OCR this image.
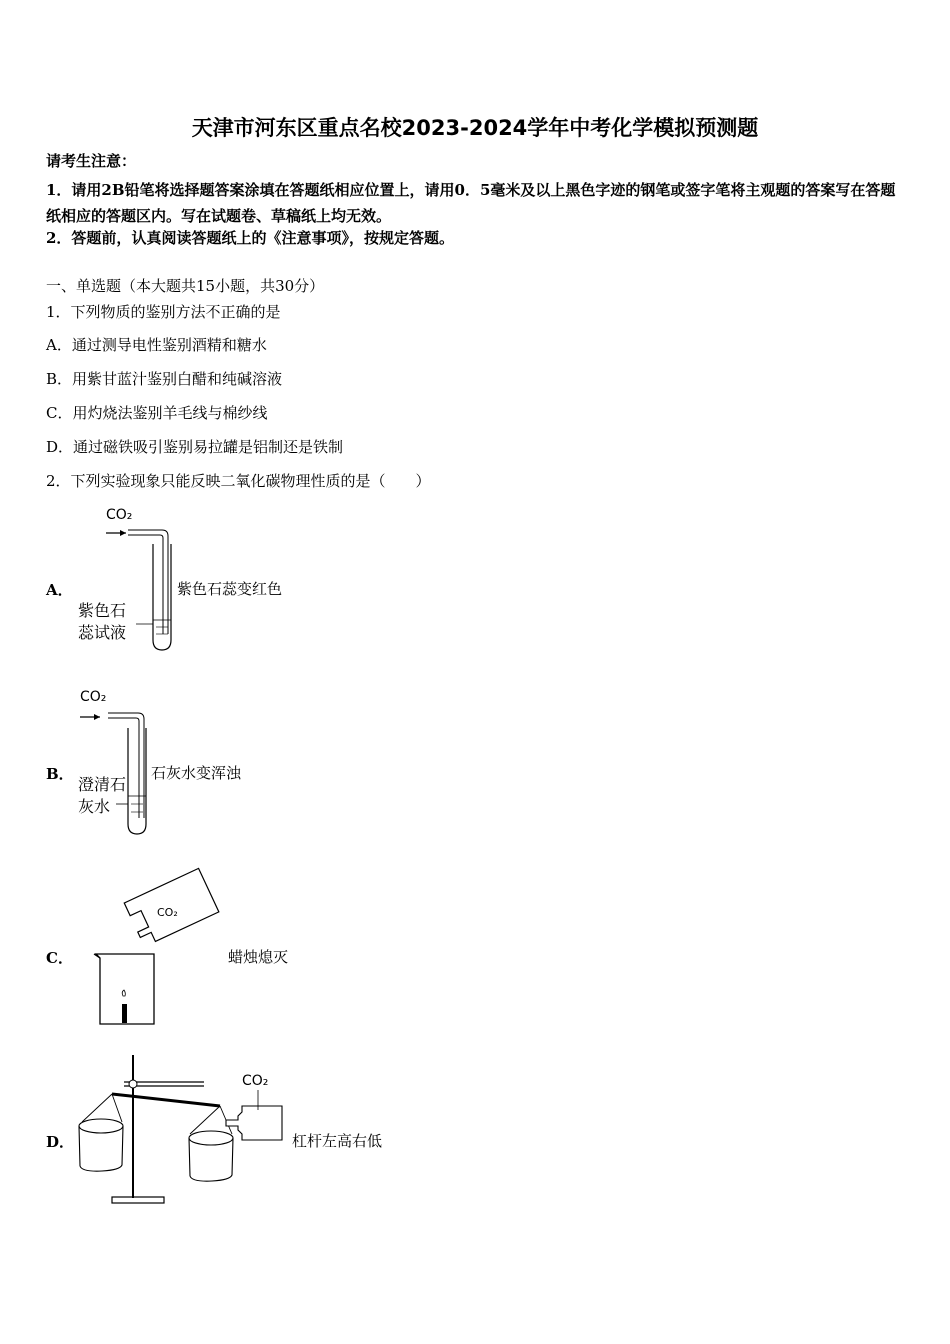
天津市河东区重点名校2023-2024学年中考化学模拟预测题
请考生注意：
1．请用2B铅笔将选择题答案涂填在答题纸相应位置上，请用0．5毫米及以上黑色字迹的钢笔或签字笔将主观题的答案写在答题纸相应的答题区内。写在试题卷、草稿纸上均无效。
2．答题前，认真阅读答题纸上的《注意事项》，按规定答题。
一、单选题（本大题共15小题，共30分）
1．下列物质的鉴别方法不正确的是
A．通过测导电性鉴别酒精和糖水
B．用紫甘蓝汁鉴别白醋和纯碱溶液
C．用灼烧法鉴别羊毛线与棉纱线
D．通过磁铁吸引鉴别易拉罐是铝制还是铁制
2．下列实验现象只能反映二氧化碳物理性质的是（　　）
A．
CO₂
紫色石
蕊试液
紫色石蕊变红色
B．
CO₂
澄清石
灰水
石灰水变浑浊
C．
CO₂
蜡烛熄灭
D．
CO₂
杠杆左高右低
